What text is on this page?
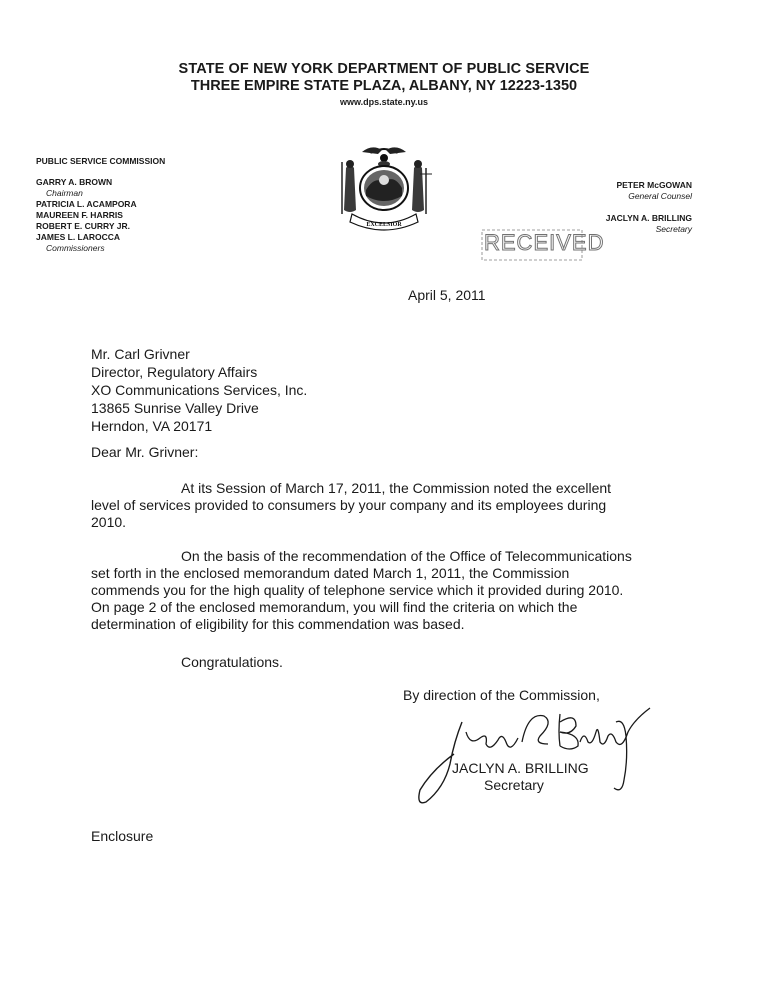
STATE OF NEW YORK DEPARTMENT OF PUBLIC SERVICE
THREE EMPIRE STATE PLAZA, ALBANY, NY 12223-1350
www.dps.state.ny.us
PUBLIC SERVICE COMMISSION
GARRY A. BROWN
Chairman
PATRICIA L. ACAMPORA
MAUREEN F. HARRIS
ROBERT E. CURRY JR.
JAMES L. LAROCCA
Commissioners
EXCELSIOR
PETER McGOWAN
General Counsel
JACLYN A. BRILLING
Secretary
RECEIVED
April 5, 2011
Mr. Carl Grivner
Director, Regulatory Affairs
XO Communications Services, Inc.
13865 Sunrise Valley Drive
Herndon, VA 20171
Dear Mr. Grivner:
At its Session of March 17, 2011, the Commission noted the excellent
level of services provided to consumers by your company and its employees during
2010.
On the basis of the recommendation of the Office of Telecommunications
set forth in the enclosed memorandum dated March 1, 2011, the Commission
commends you for the high quality of telephone service which it provided during 2010.
On page 2 of the enclosed memorandum, you will find the criteria on which the
determination of eligibility for this commendation was based.
Congratulations.
By direction of the Commission,
JACLYN A. BRILLING
Secretary
Enclosure
